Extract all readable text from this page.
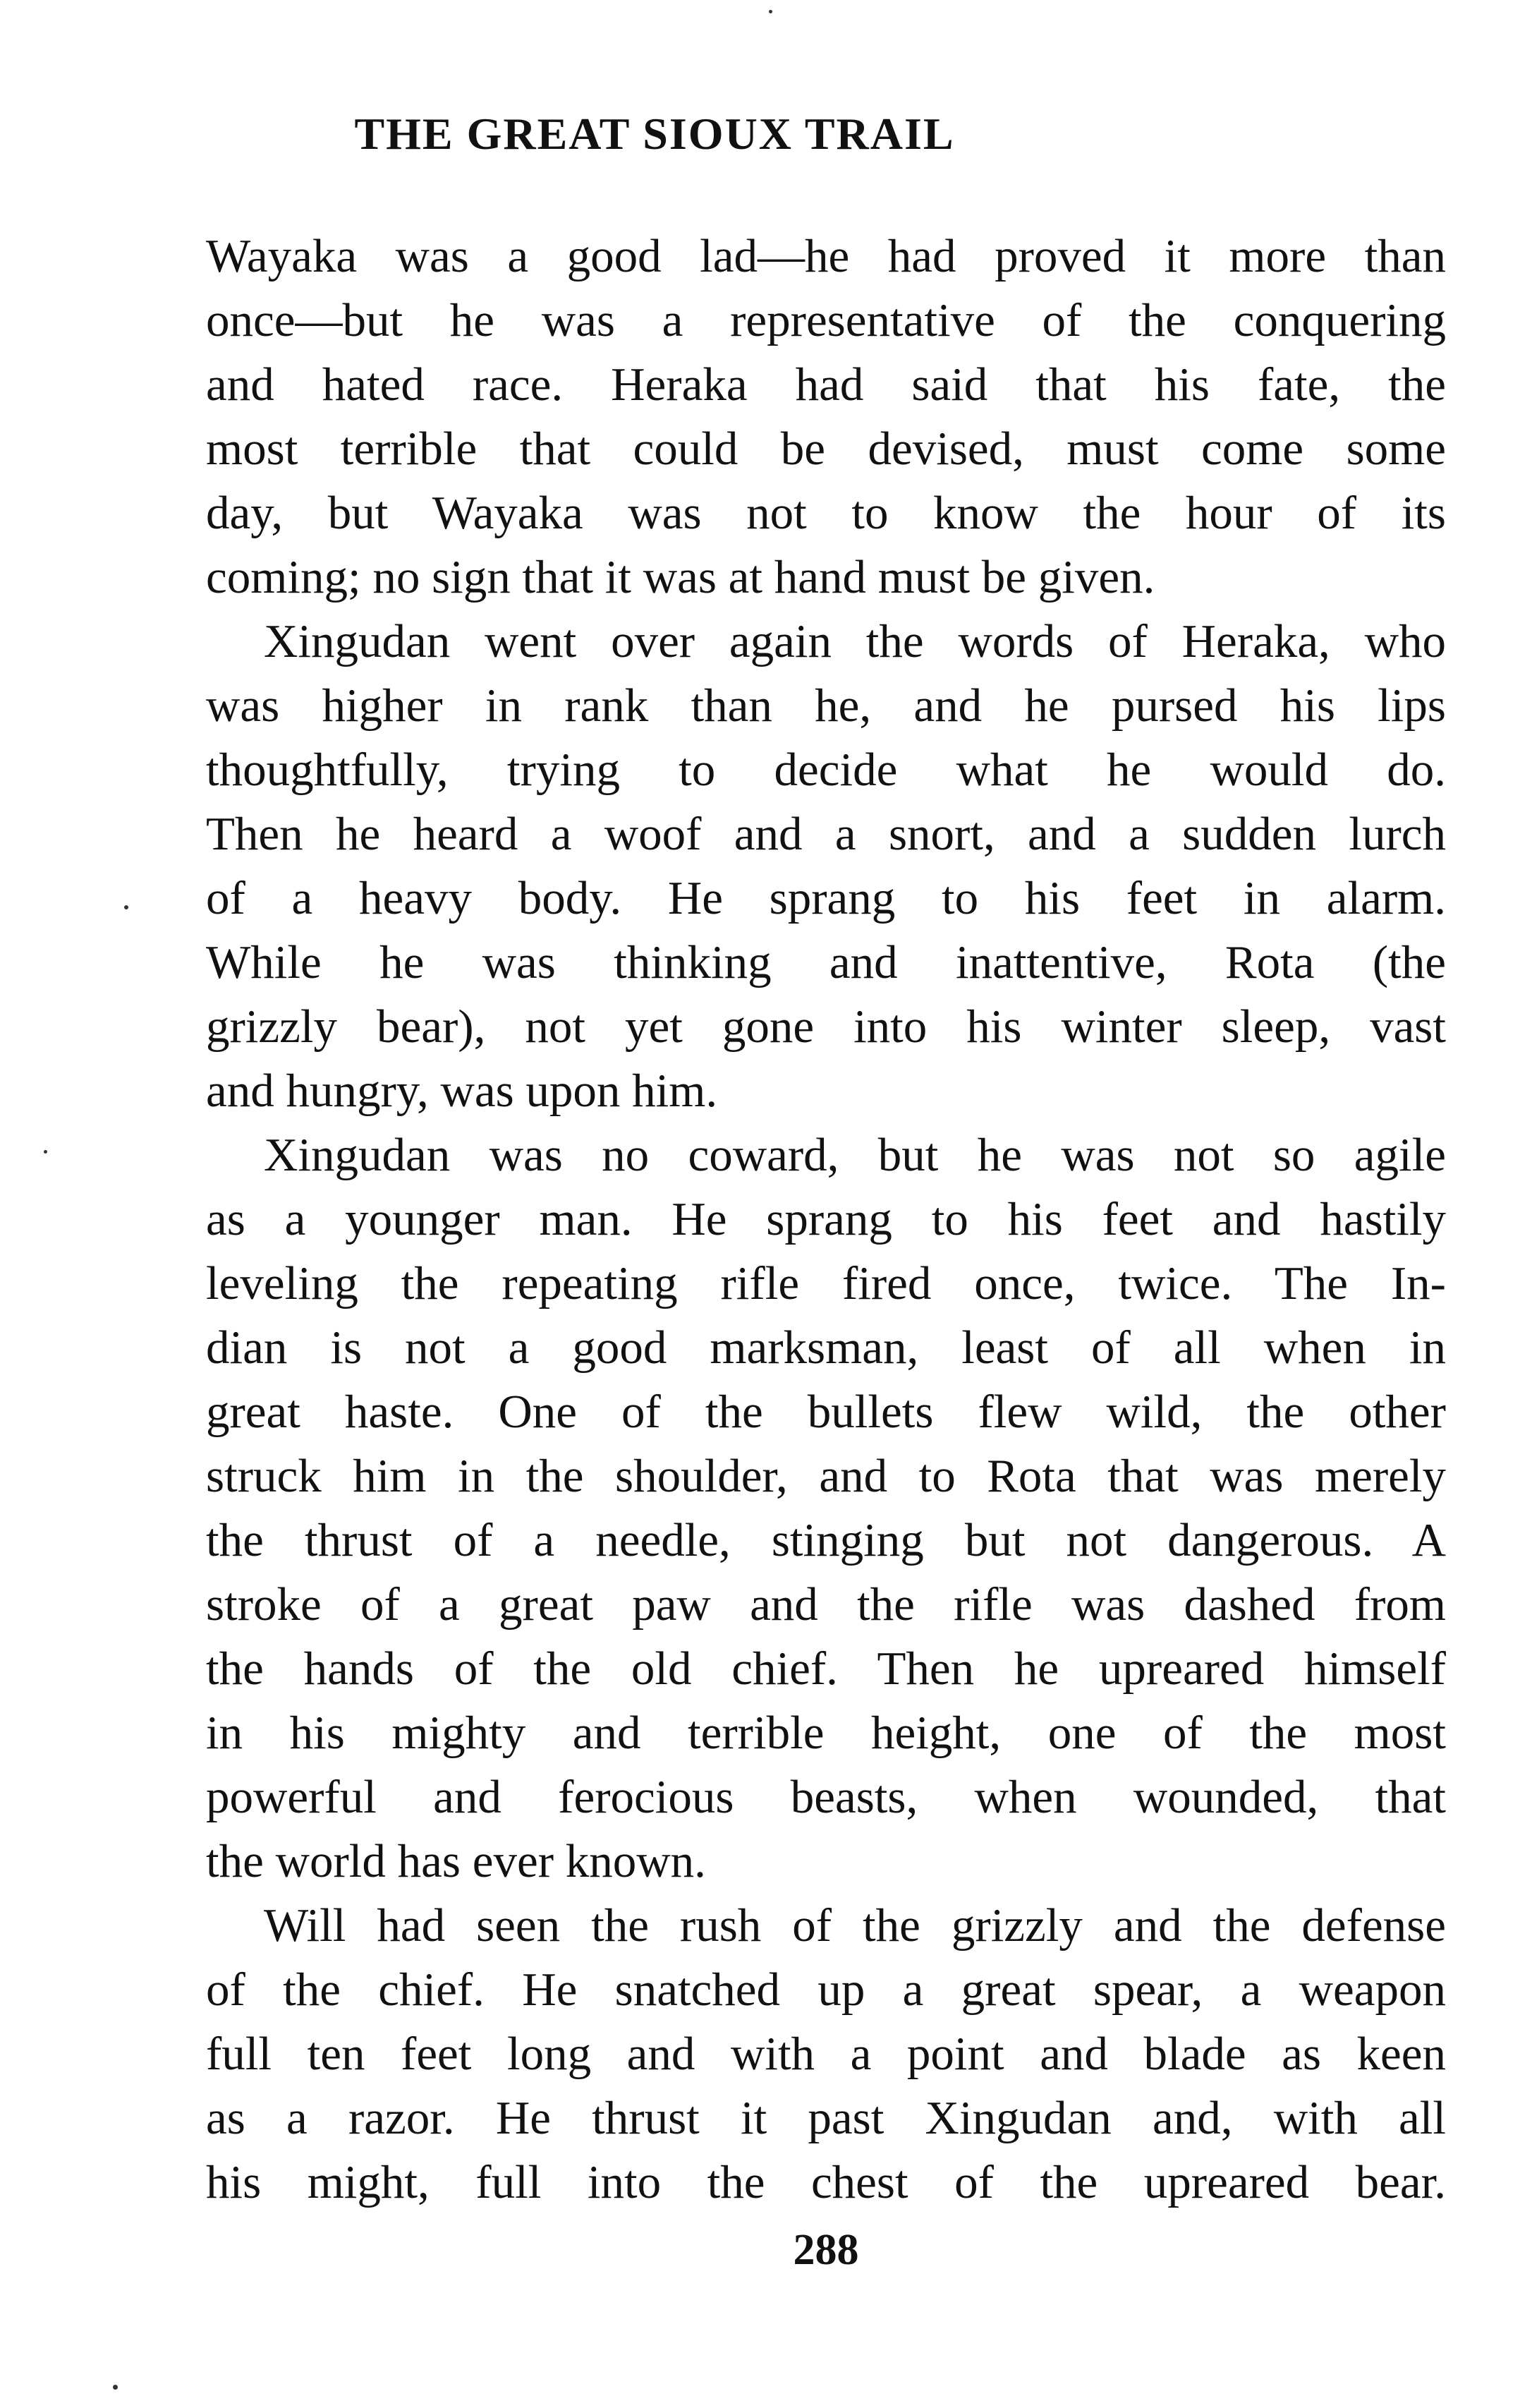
THE GREAT SIOUX TRAIL
Wayaka was a good lad—he had proved it more than
once—but he was a representative of the conquering
and hated race. Heraka had said that his fate, the
most terrible that could be devised, must come some
day, but Wayaka was not to know the hour of its
coming; no sign that it was at hand must be given.
Xingudan went over again the words of Heraka, who
was higher in rank than he, and he pursed his lips
thoughtfully, trying to decide what he would do.
Then he heard a woof and a snort, and a sudden lurch
of a heavy body. He sprang to his feet in alarm.
While he was thinking and inattentive, Rota (the
grizzly bear), not yet gone into his winter sleep, vast
and hungry, was upon him.
Xingudan was no coward, but he was not so agile
as a younger man. He sprang to his feet and hastily
leveling the repeating rifle fired once, twice. The In-
dian is not a good marksman, least of all when in
great haste. One of the bullets flew wild, the other
struck him in the shoulder, and to Rota that was merely
the thrust of a needle, stinging but not dangerous. A
stroke of a great paw and the rifle was dashed from
the hands of the old chief. Then he upreared himself
in his mighty and terrible height, one of the most
powerful and ferocious beasts, when wounded, that
the world has ever known.
Will had seen the rush of the grizzly and the defense
of the chief. He snatched up a great spear, a weapon
full ten feet long and with a point and blade as keen
as a razor. He thrust it past Xingudan and, with all
his might, full into the chest of the upreared bear.
288
